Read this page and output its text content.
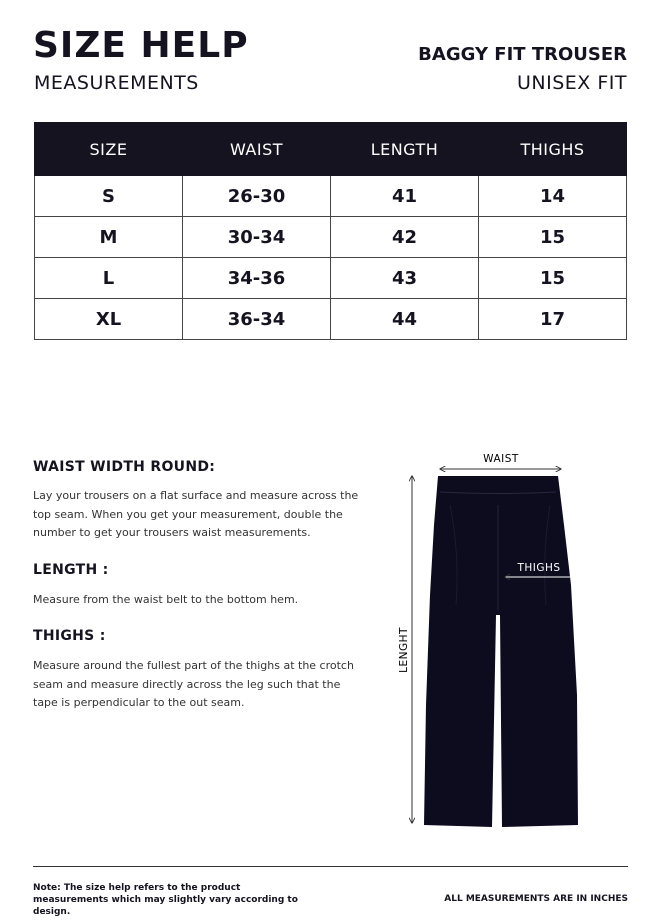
SIZE HELP
MEASUREMENTS
BAGGY FIT TROUSER
UNISEX FIT
SIZE	WAIST	LENGTH	THIGHS
S	26-30	41	14
M	30-34	42	15
L	34-36	43	15
XL	36-34	44	17
WAIST WIDTH ROUND:
Lay your trousers on a flat surface and measure across the top seam. When you get your measurement, double the number to get your trousers waist measurements.
LENGTH :
Measure from the waist belt to the bottom hem.
THIGHS :
Measure around the fullest part of the thighs at the crotch seam and measure directly across the leg such that the tape is perpendicular to the out seam.
WAIST
THIGHS
LENGHT
Note: The size help refers to the product measurements which may slightly vary according to design.
ALL MEASUREMENTS ARE IN INCHES
